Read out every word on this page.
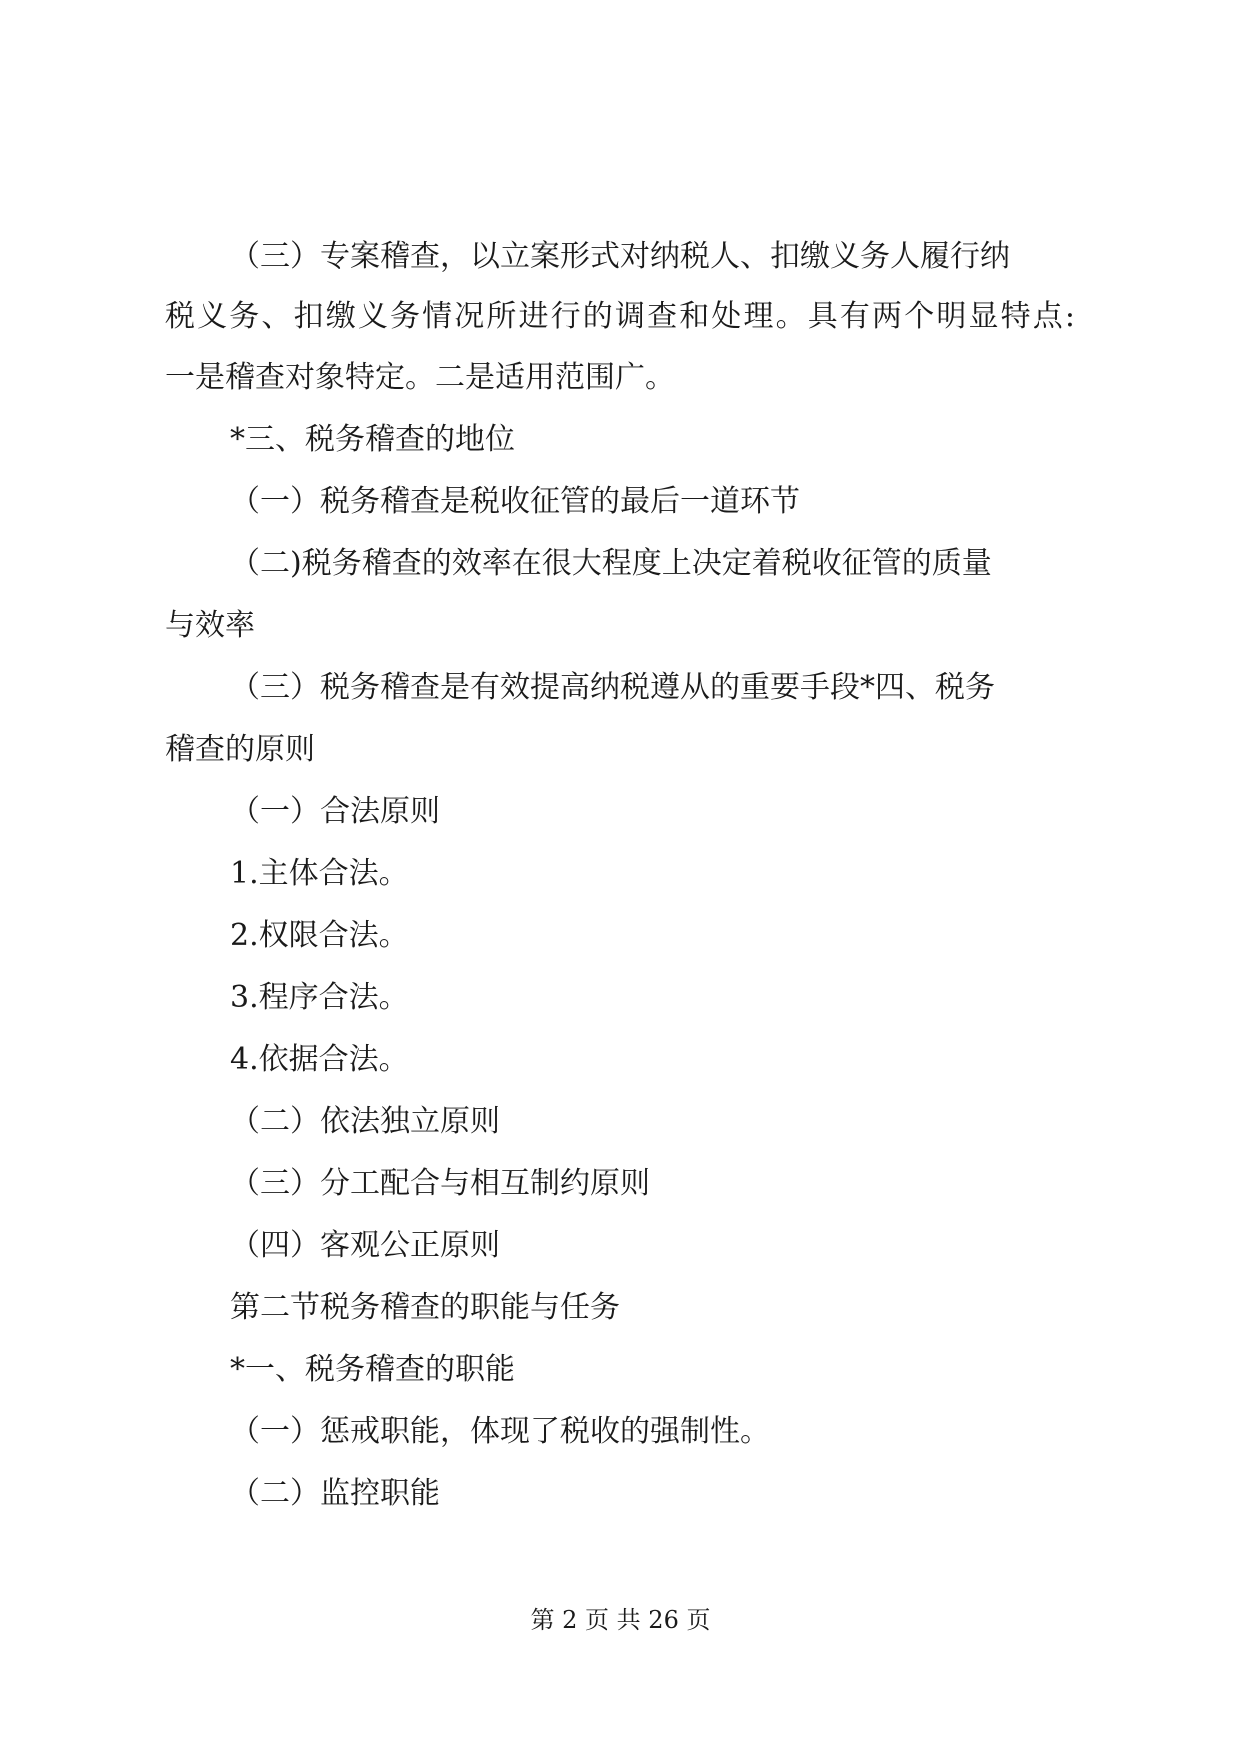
（三）专案稽查，以立案形式对纳税人、扣缴义务人履行纳
税义务、扣缴义务情况所进行的调查和处理。具有两个明显特点:
一是稽查对象特定。二是适用范围广。
*三、税务稽查的地位
（一）税务稽查是税收征管的最后一道环节
（二)税务稽查的效率在很大程度上决定着税收征管的质量
与效率
（三）税务稽查是有效提高纳税遵从的重要手段*四、税务
稽查的原则
（一）合法原则
1.主体合法。
2.权限合法。
3.程序合法。
4.依据合法。
（二）依法独立原则
（三）分工配合与相互制约原则
（四）客观公正原则
第二节税务稽查的职能与任务
*一、税务稽查的职能
（一）惩戒职能，体现了税收的强制性。
（二）监控职能
第 2 页 共 26 页
